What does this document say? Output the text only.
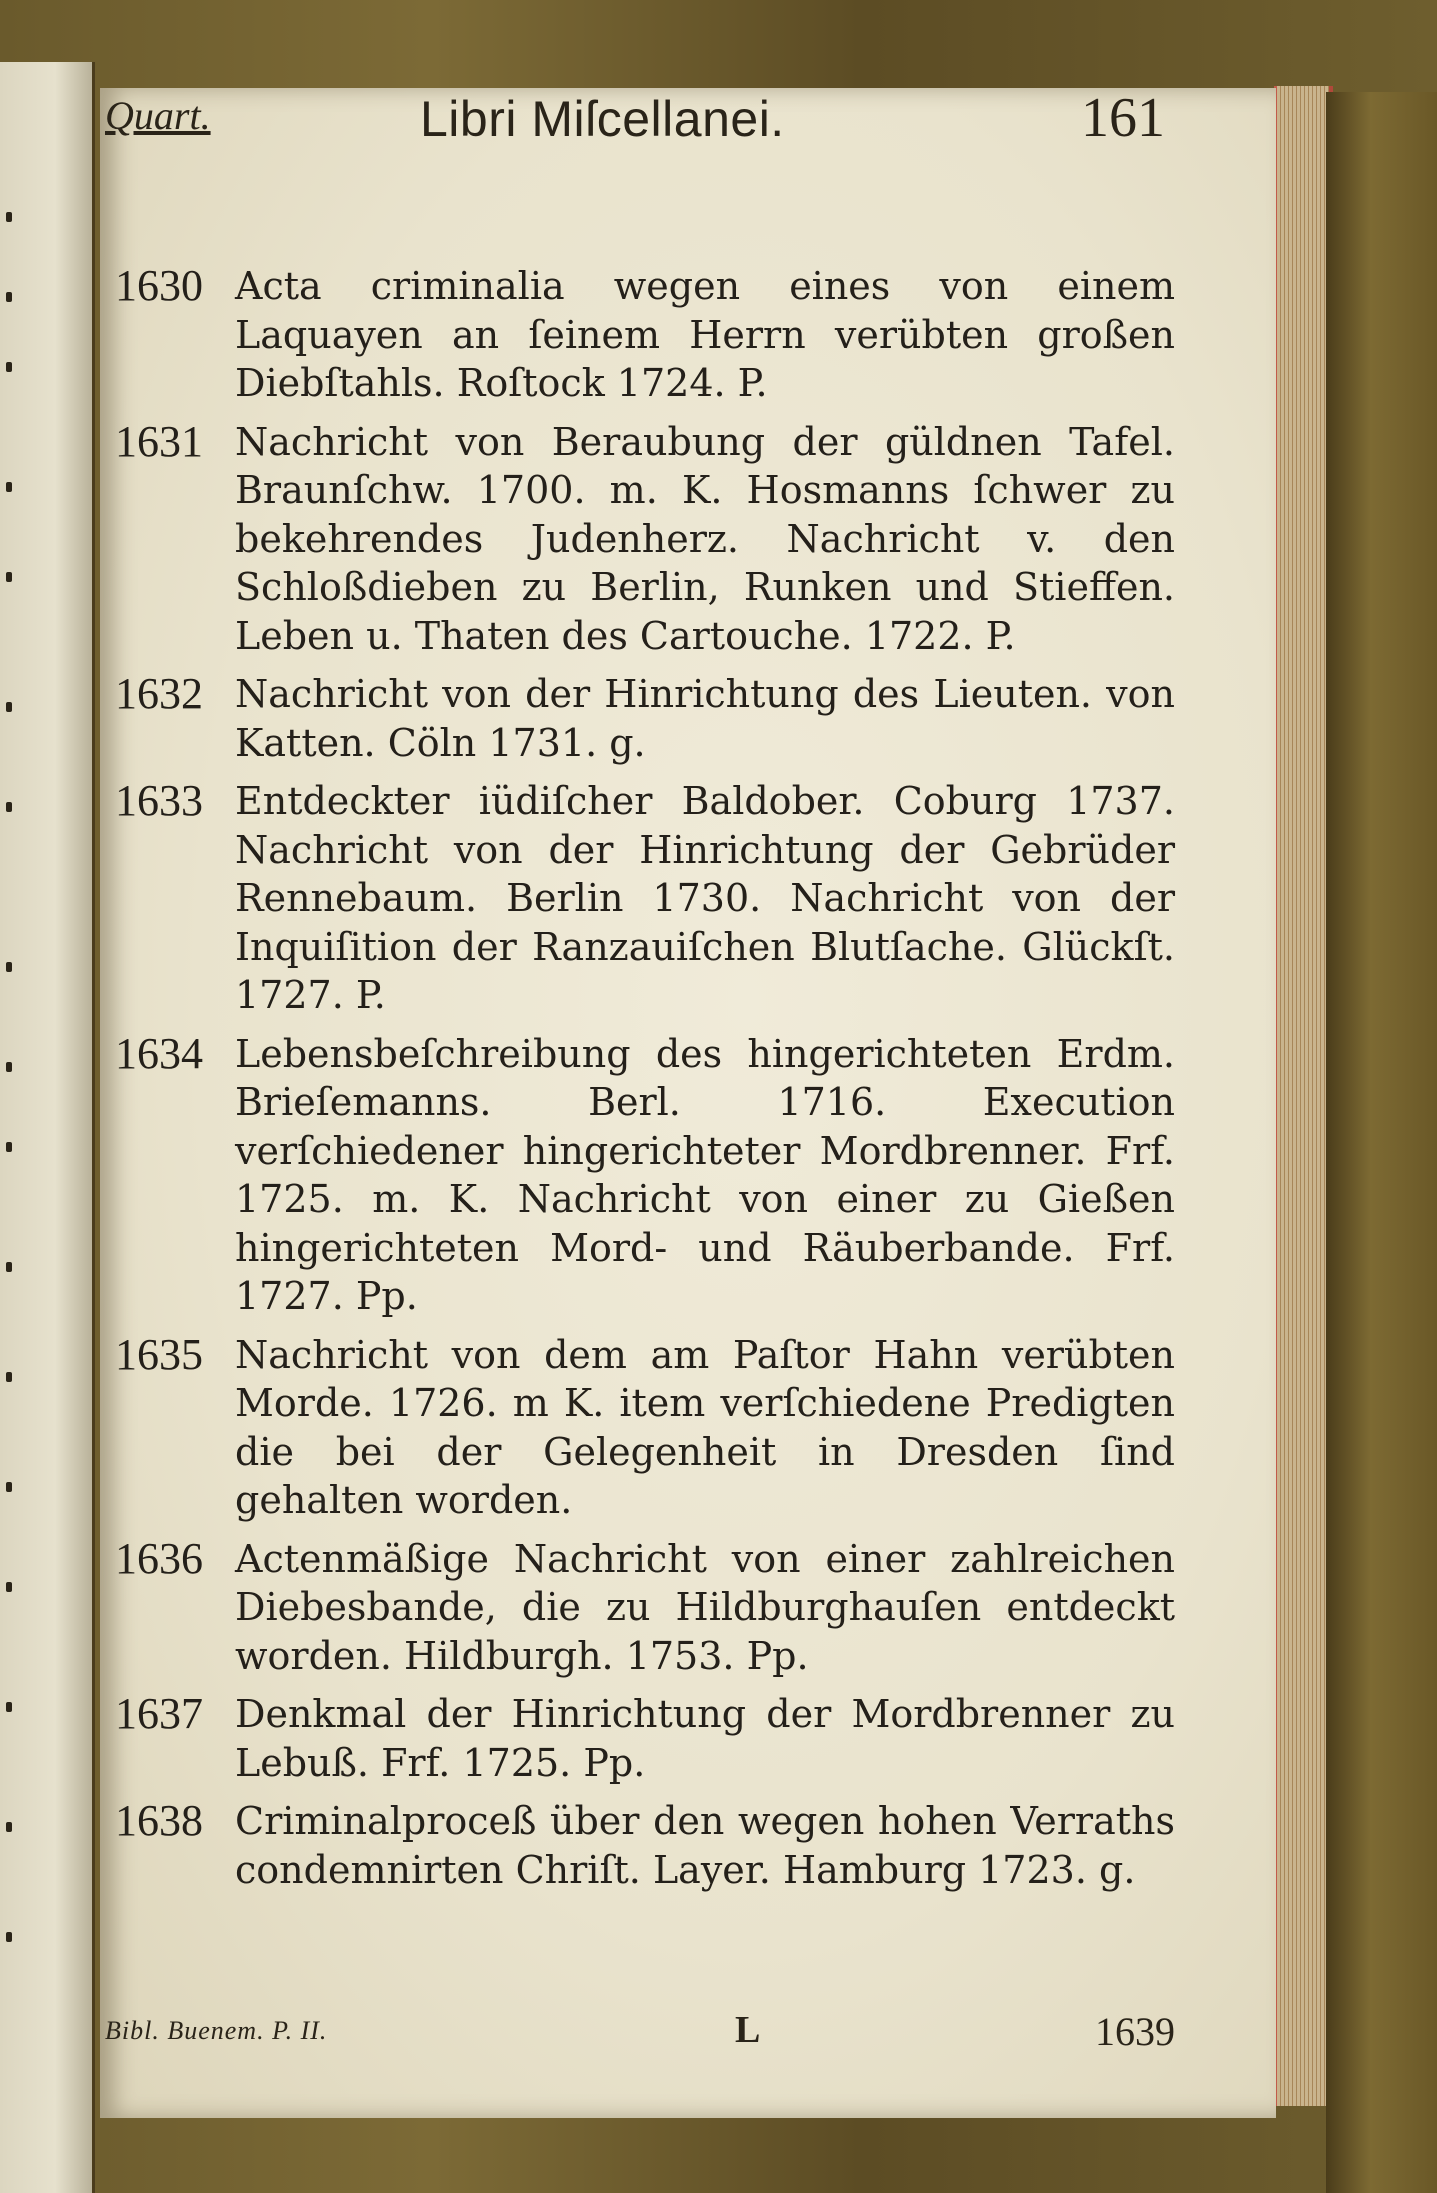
Quart.	Libri Miſcellanei.	161
1630 Acta criminalia wegen eines von einem Laquayen an ſeinem Herrn verübten großen Diebſtahls. Roſtock 1724. P.
1631 Nachricht von Beraubung der güldnen Tafel. Braunſchw. 1700. m. K. Hosmanns ſchwer zu bekehrendes Judenherz. Nachricht v. den Schloßdieben zu Berlin, Runken und Stieffen. Leben u. Thaten des Cartouche. 1722. P.
1632 Nachricht von der Hinrichtung des Lieuten. von Katten. Cöln 1731. g.
1633 Entdeckter iüdiſcher Baldober. Coburg 1737. Nachricht von der Hinrichtung der Gebrüder Rennebaum. Berlin 1730. Nachricht von der Inquiſition der Ranzauiſchen Blutſache. Glückſt. 1727. P.
1634 Lebensbeſchreibung des hingerichteten Erdm. Brieſemanns. Berl. 1716. Execution verſchiedener hingerichteter Mordbrenner. Frf. 1725. m. K. Nachricht von einer zu Gießen hingerichteten Mord- und Räuberbande. Frf. 1727. Pp.
1635 Nachricht von dem am Paſtor Hahn verübten Morde. 1726. m K. item verſchiedene Predigten die bei der Gelegenheit in Dresden ſind gehalten worden.
1636 Actenmäßige Nachricht von einer zahlreichen Diebesbande, die zu Hildburghauſen entdeckt worden. Hildburgh. 1753. Pp.
1637 Denkmal der Hinrichtung der Mordbrenner zu Lebuß. Frf. 1725. Pp.
1638 Criminalproceß über den wegen hohen Verraths condemnirten Chriſt. Layer. Hamburg 1723. g.
Bibl. Buenem. P. II.	L	1639
